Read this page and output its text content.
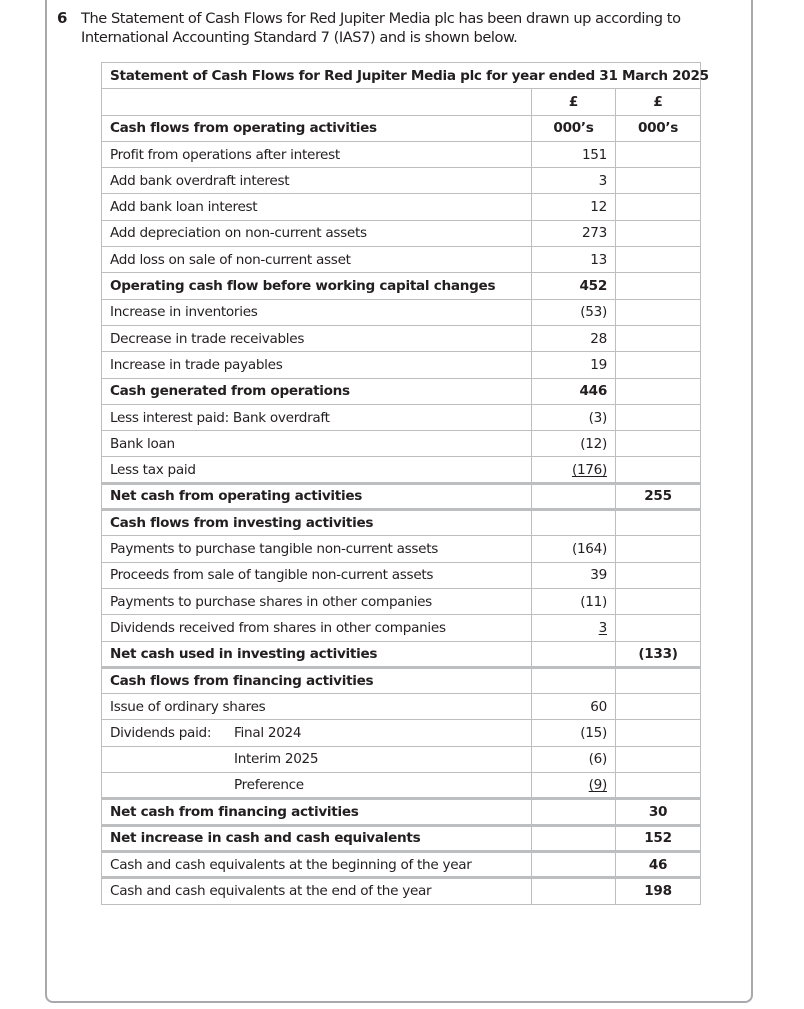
6 The Statement of Cash Flows for Red Jupiter Media plc has been drawn up according to International Accounting Standard 7 (IAS7) and is shown below.
Statement of Cash Flows for Red Jupiter Media plc for year ended 31 March 2025		
	£	£
Cash flows from operating activities	000’s	000’s
Profit from operations after interest	151	
Add bank overdraft interest	3	
Add bank loan interest	12	
Add depreciation on non-current assets	273	
Add loss on sale of non-current asset	13	
Operating cash flow before working capital changes	452	
Increase in inventories	(53)	
Decrease in trade receivables	28	
Increase in trade payables	19	
Cash generated from operations	446	
Less interest paid: Bank overdraft	(3)	
Bank loan	(12)	
Less tax paid	(176)	
Net cash from operating activities		255
Cash flows from investing activities		
Payments to purchase tangible non-current assets	(164)	
Proceeds from sale of tangible non-current assets	39	
Payments to purchase shares in other companies	(11)	
Dividends received from shares in other companies	3	
Net cash used in investing activities		(133)
Cash flows from financing activities		
Issue of ordinary shares	60	
Dividends paid: Final 2024	(15)	
Interim 2025	(6)	
Preference	(9)	
Net cash from financing activities		30
Net increase in cash and cash equivalents		152
Cash and cash equivalents at the beginning of the year		46
Cash and cash equivalents at the end of the year		198
